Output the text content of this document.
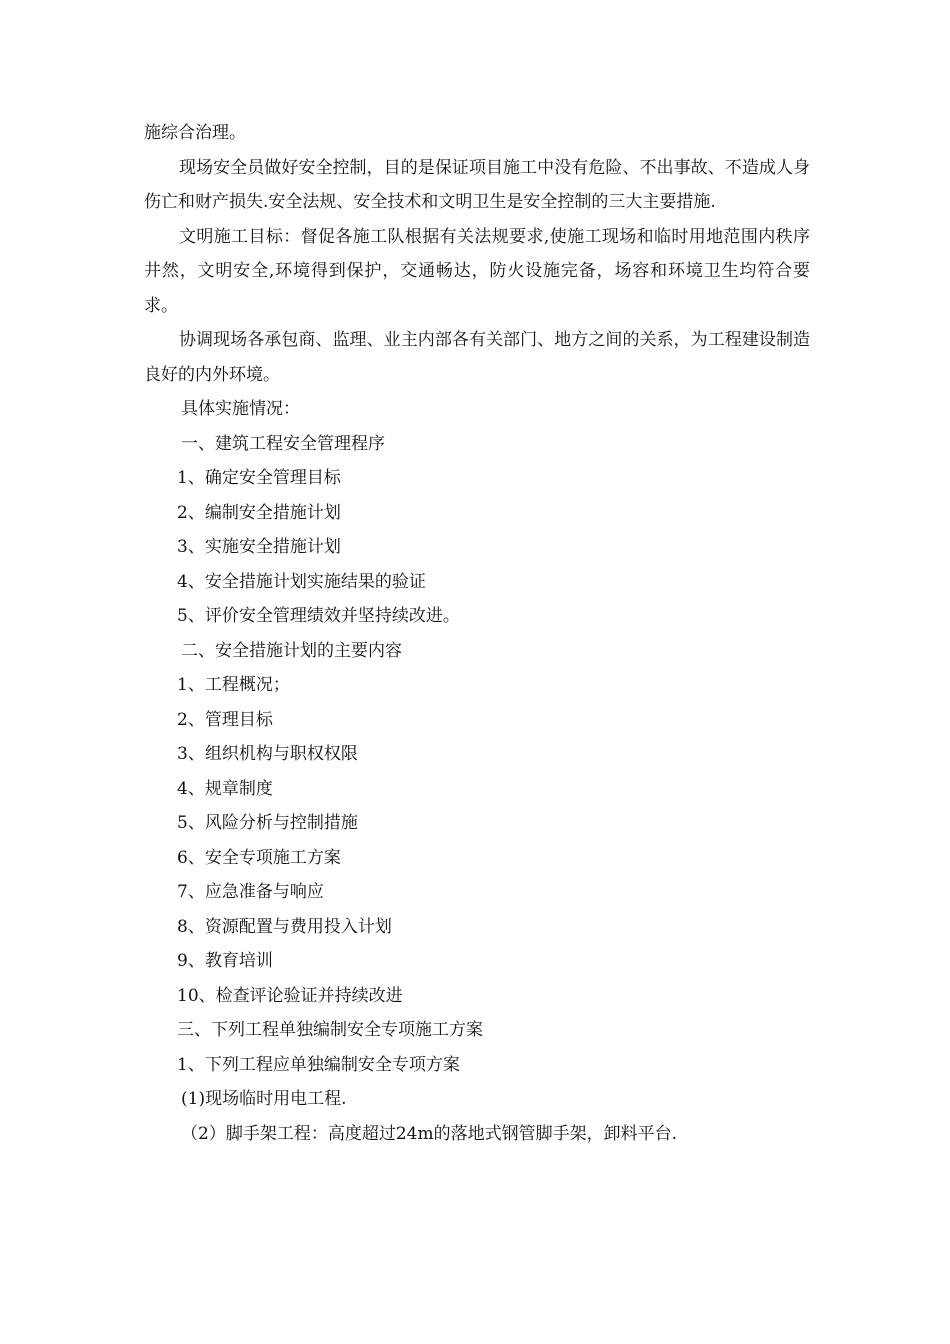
施综合治理。

现场安全员做好安全控制，目的是保证项目施工中没有危险、不出事故、不造成人身伤亡和财产损失.安全法规、安全技术和文明卫生是安全控制的三大主要措施.

文明施工目标：督促各施工队根据有关法规要求,使施工现场和临时用地范围内秩序井然，文明安全,环境得到保护，交通畅达，防火设施完备，场容和环境卫生均符合要求。

协调现场各承包商、监理、业主内部各有关部门、地方之间的关系，为工程建设制造良好的内外环境。

具体实施情况：

一、建筑工程安全管理程序

1、确定安全管理目标

2、编制安全措施计划

3、实施安全措施计划

4、安全措施计划实施结果的验证

5、评价安全管理绩效并坚持续改进。

二、安全措施计划的主要内容

1、工程概况；

2、管理目标

3、组织机构与职权权限

4、规章制度

5、风险分析与控制措施

6、安全专项施工方案

7、应急准备与响应

8、资源配置与费用投入计划

9、教育培训

10、检查评论验证并持续改进

三、下列工程单独编制安全专项施工方案

1、下列工程应单独编制安全专项方案

(1)现场临时用电工程.

（2）脚手架工程：高度超过24m的落地式钢管脚手架，卸料平台.
